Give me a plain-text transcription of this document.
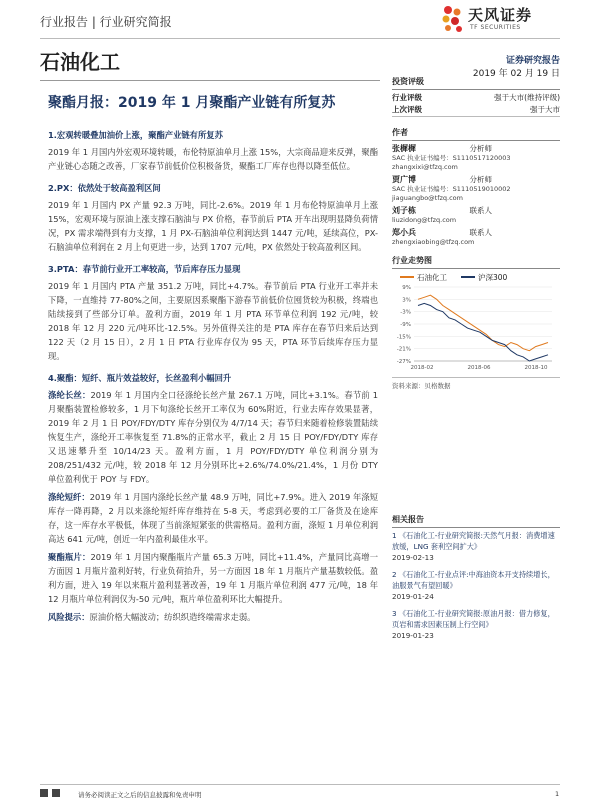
行业报告 | 行业研究简报	天风证券
TF SECURITIES
石油化工	证券研究报告
2019 年 02 月 19 日
聚酯月报：2019 年 1 月聚酯产业链有所复苏
1.宏观转暖叠加油价上涨，聚酯产业链有所复苏

2019 年 1 月国内外宏观环境转暖，布伦特原油单月上涨 15%，大宗商品迎来反弹，聚酯产业链心态随之改善，厂家春节前低价位积极备货，聚酯工厂库存也得以降至低位。

2.PX：依然处于较高盈利区间

2019 年 1 月国内 PX 产量 92.3 万吨，同比-2.6%。2019 年 1 月布伦特原油单月上涨 15%，宏观环境与原油上涨支撑石脑油与 PX 价格，春节前后 PTA 开车出现明显降负荷情况，PX 需求端得到有力支撑，1 月 PX-石脑油单位利润达到 1447 元/吨，延续高位，PX-石脑油单位利润在 2 月上旬更进一步，达到 1707 元/吨，PX 依然处于较高盈利区间。

3.PTA：春节前行业开工率较高，节后库存压力显现

2019 年 1 月国内 PTA 产量 351.2 万吨，同比+4.7%。春节前后 PTA 行业开工率并未下降，一直维持 77-80%之间，主要原因系聚酯下游春节前低价位囤货较为积极，终端也陆续接到了些部分订单。盈利方面，2019 年 1 月 PTA 环节单位利润 192 元/吨，较 2018 年 12 月 220 元/吨环比-12.5%。另外值得关注的是 PTA 库存在春节归来后达到 122 天（2 月 15 日），2 月 1 日 PTA 行业库存仅为 95 天，PTA 环节后续库存压力显现。

4.聚酯：短纤、瓶片效益较好，长丝盈利小幅回升

涤纶长丝：2019 年 1 月国内全口径涤纶长丝产量 267.1 万吨，同比+3.1%。春节前 1 月聚酯装置检修较多，1 月下旬涤纶长丝开工率仅为 60%附近，行业去库存效果显著，2019 年 2 月 1 日 POY/FDY/DTY 库存分别仅为 4/7/14 天；春节归来随着检修装置陆续恢复生产，涤纶开工率恢复至 71.8%的正常水平，截止 2 月 15 日 POY/FDY/DTY 库存又迅速攀升至 10/14/23 天。盈利方面，1 月 POY/FDY/DTY 单位利润分别为 208/251/432 元/吨，较 2018 年 12 月分别环比+2.6%/74.0%/21.4%，1 月份 DTY 单位盈利优于 POY 与 FDY。

涤纶短纤：2019 年 1 月国内涤纶长丝产量 48.9 万吨，同比+7.9%。进入 2019 年涤短库存一降再降，2 月以来涤纶短纤库存维持在 5-8 天，考虑到必要的工厂备货及在途库存，这一库存水平极低，体现了当前涤短紧张的供需格局。盈利方面，涤短 1 月单位利润高达 641 元/吨，创近一年内盈利最佳水平。

聚酯瓶片：2019 年 1 月国内聚酯瓶片产量 65.3 万吨，同比+11.4%，产量同比高增一方面因 1 月瓶片盈利好转，行业负荷抬升，另一方面因 18 年 1 月瓶片产量基数较低。盈利方面，进入 19 年以来瓶片盈利显著改善，19 年 1 月瓶片单位利润 477 元/吨，18 年 12 月瓶片单位利润仅为-50 元/吨，瓶片单位盈利环比大幅提升。

风险提示：原油价格大幅波动；纺织织造终端需求走弱。

投资评级
行业评级	强于大市(维持评级)
上次评级	强于大市
作者
张樨樨	分析师
SAC 执业证书编号：S1110517120003
zhangxixi@tfzq.com
贾广博	分析师
SAC 执业证书编号：S1110519010002
jiaguangbo@tfzq.com
刘子栋	联系人
liuzidong@tfzq.com
郑小兵	联系人
zhengxiaobing@tfzq.com
行业走势图
石油化工	沪深300
9%
3%
-3%
-9%
-15%
-21%
-27%
2018-02	2018-06	2018-10
资料来源：贝格数据
相关报告
1 《石油化工-行业研究简报:天然气月报：消费增速放缓，LNG 套利空间扩大》
2019-02-13
2 《石油化工-行业点评:中海油资本开支持续增长，油服景气有望回暖》
2019-01-24
3 《石油化工-行业研究简报:原油月报：借力修复，页岩和需求因素压制上行空间》
2019-01-23
请务必阅读正文之后的信息披露和免责申明	1
